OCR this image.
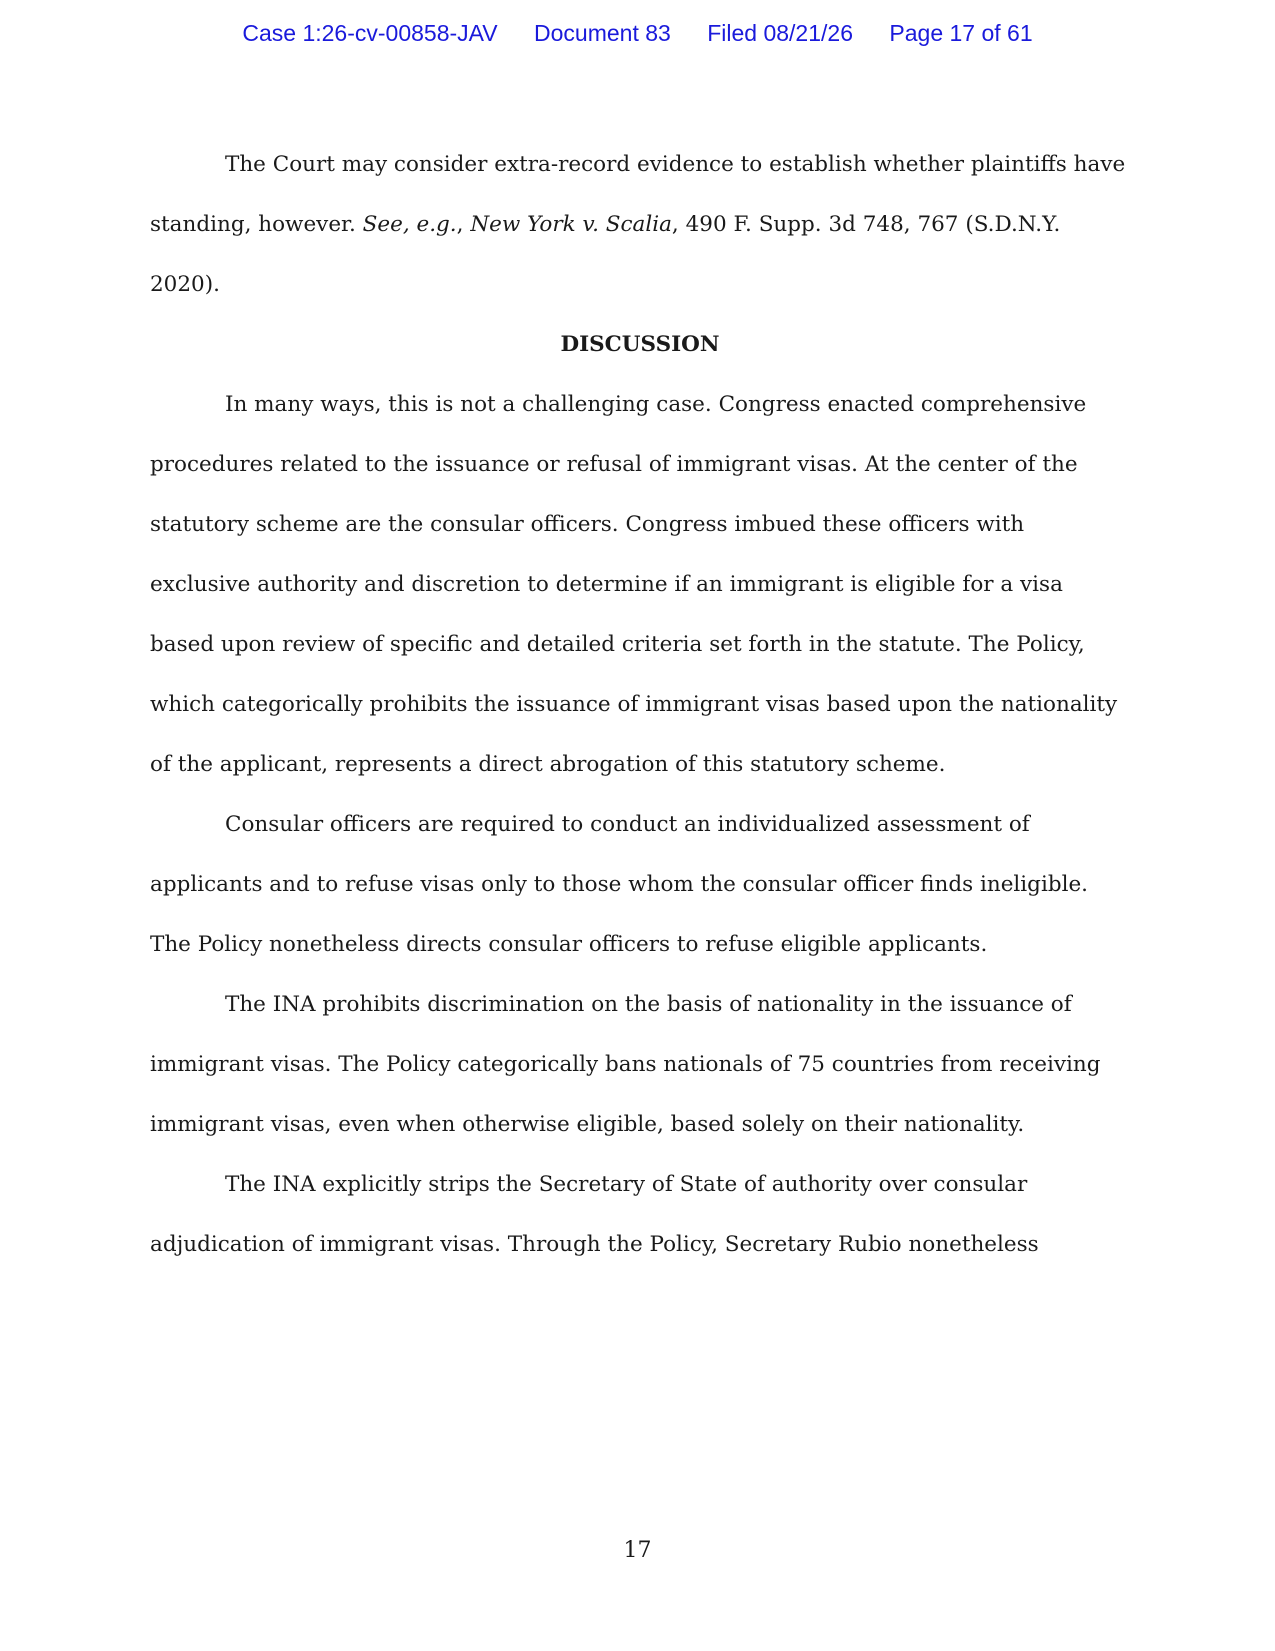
Case 1:26-cv-00858-JAV Document 83 Filed 08/21/26 Page 17 of 61

The Court may consider extra-record evidence to establish whether plaintiffs have standing, however. See, e.g., New York v. Scalia, 490 F. Supp. 3d 748, 767 (S.D.N.Y. 2020).

DISCUSSION

In many ways, this is not a challenging case. Congress enacted comprehensive procedures related to the issuance or refusal of immigrant visas. At the center of the statutory scheme are the consular officers. Congress imbued these officers with exclusive authority and discretion to determine if an immigrant is eligible for a visa based upon review of specific and detailed criteria set forth in the statute. The Policy, which categorically prohibits the issuance of immigrant visas based upon the nationality of the applicant, represents a direct abrogation of this statutory scheme.

Consular officers are required to conduct an individualized assessment of applicants and to refuse visas only to those whom the consular officer finds ineligible. The Policy nonetheless directs consular officers to refuse eligible applicants.

The INA prohibits discrimination on the basis of nationality in the issuance of immigrant visas. The Policy categorically bans nationals of 75 countries from receiving immigrant visas, even when otherwise eligible, based solely on their nationality.

The INA explicitly strips the Secretary of State of authority over consular adjudication of immigrant visas. Through the Policy, Secretary Rubio nonetheless

17
